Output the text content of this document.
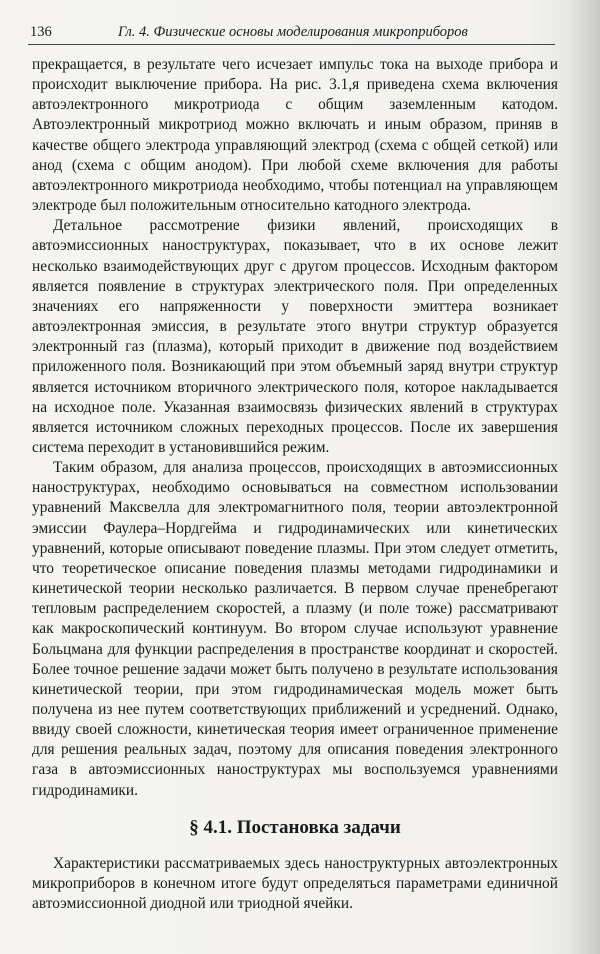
136	Гл. 4. Физические основы моделирования микроприборов

прекращается, в результате чего исчезает импульс тока на выходе прибора и происходит выключение прибора. На рис. 3.1,я приведена схема включения автоэлектронного микротриода с общим заземленным катодом. Автоэлектронный микротриод можно включать и иным образом, приняв в качестве общего электрода управляющий электрод (схема с общей сеткой) или анод (схема с общим анодом). При любой схеме включения для работы автоэлектронного микротриода необходимо, чтобы потенциал на управляющем электроде был положительным относительно катодного электрода.

Детальное рассмотрение физики явлений, происходящих в автоэмиссионных наноструктурах, показывает, что в их основе лежит несколько взаимодействующих друг с другом процессов. Исходным фактором является появление в структурах электрического поля. При определенных значениях его напряженности у поверхности эмиттера возникает автоэлектронная эмиссия, в результате этого внутри структур образуется электронный газ (плазма), который приходит в движение под воздействием приложенного поля. Возникающий при этом объемный заряд внутри структур является источником вторичного электрического поля, которое накладывается на исходное поле. Указанная взаимосвязь физических явлений в структурах является источником сложных переходных процессов. После их завершения система переходит в установившийся режим.

Таким образом, для анализа процессов, происходящих в автоэмиссионных наноструктурах, необходимо основываться на совместном использовании уравнений Максвелла для электромагнитного поля, теории автоэлектронной эмиссии Фаулера–Нордгейма и гидродинамических или кинетических уравнений, которые описывают поведение плазмы. При этом следует отметить, что теоретическое описание поведения плазмы методами гидродинамики и кинетической теории несколько различается. В первом случае пренебрегают тепловым распределением скоростей, а плазму (и поле тоже) рассматривают как макроскопический континуум. Во втором случае используют уравнение Больцмана для функции распределения в пространстве координат и скоростей. Более точное решение задачи может быть получено в результате использования кинетической теории, при этом гидродинамическая модель может быть получена из нее путем соответствующих приближений и усреднений. Однако, ввиду своей сложности, кинетическая теория имеет ограниченное применение для решения реальных задач, поэтому для описания поведения электронного газа в автоэмиссионных наноструктурах мы воспользуемся уравнениями гидродинамики.

§ 4.1. Постановка задачи

Характеристики рассматриваемых здесь наноструктурных автоэлектронных микроприборов в конечном итоге будут определяться параметрами единичной автоэмиссионной диодной или триодной ячейки.
